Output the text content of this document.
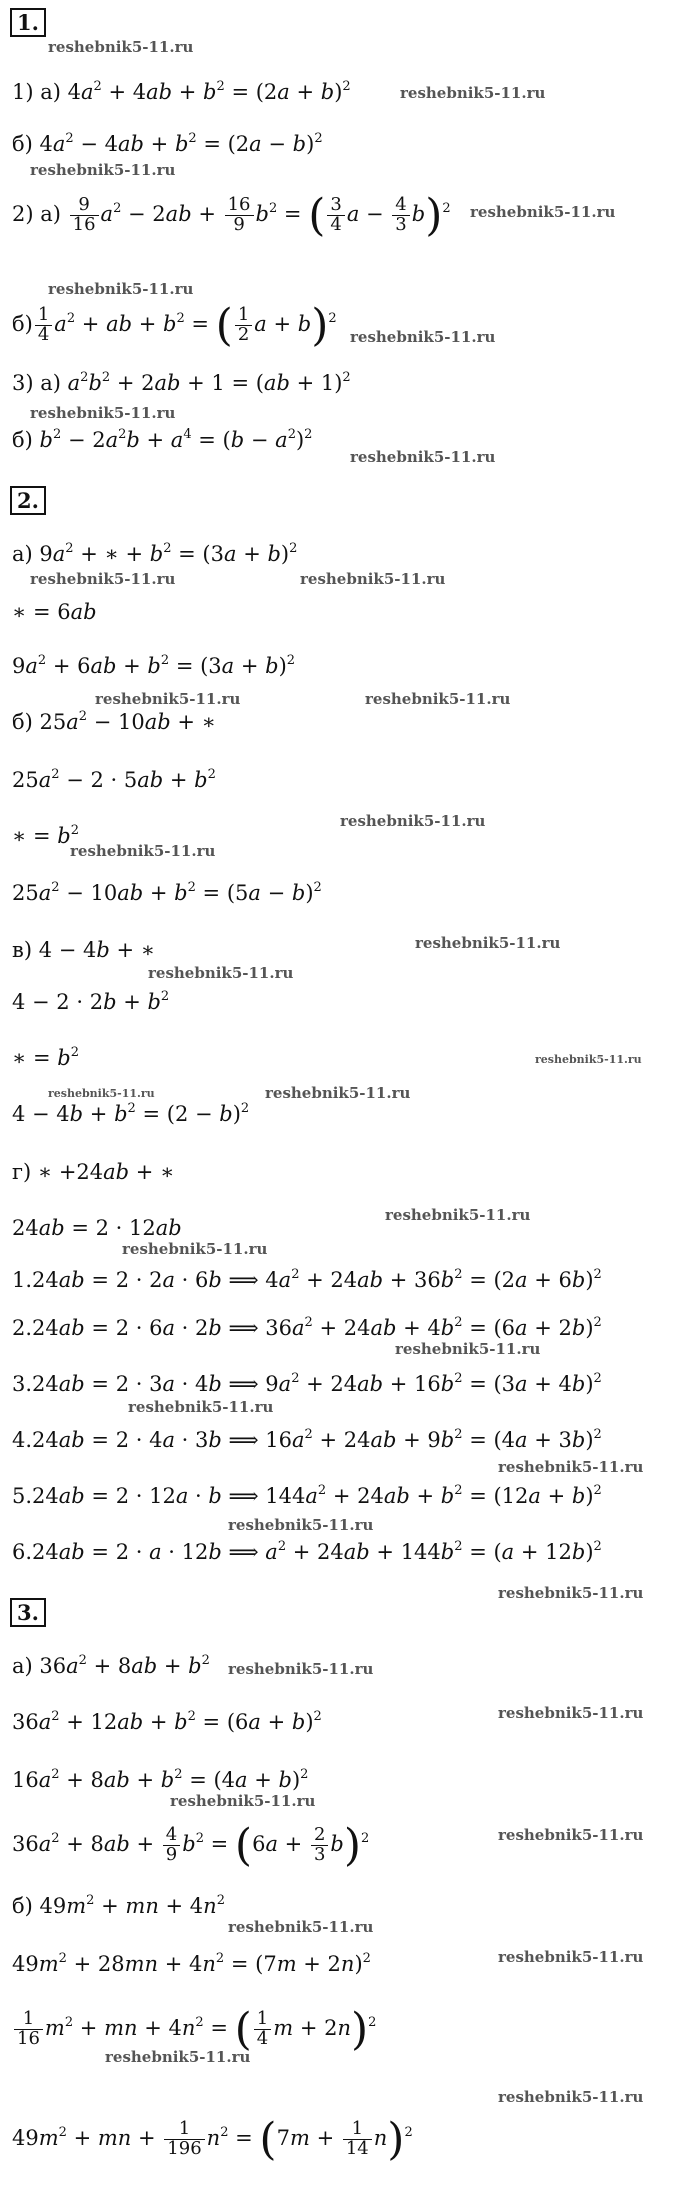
1.
reshebnik5-11.ru
1) а) $4a^2 + 4ab + b^2 = (2a + b)^2$	reshebnik5-11.ru
б) $4a^2 - 4ab + b^2 = (2a - b)^2$
reshebnik5-11.ru
2) $а) \frac{9}{16} a^2 - 2ab + \frac{16}{9} b^2$ = ( $\frac{3}{4}$ $a - \frac{4}{3} b)^2$ reshebnik5-11.ru
reshebnik5-11.ru
$б) \frac{1}{4} a^2$ + ab + $b^2$ = ( $\frac{1}{2}$ a + b)$^2$
reshebnik5-11.ru
3) а) $a^2b^2 + 2ab + 1 = (ab + 1)^2$
reshebnik5-11.ru
б) $b^2 - 2a^2b + a^4 = (b - a^2)^2$
reshebnik5-11.ru
2.
а) $9a^2$ + ∗ + $b^2 = (3a + b)^2$
reshebnik5-11.ru	reshebnik5-11.ru
∗ = 6ab
$9a^2 + 6ab + b^2 = (3a + b)^2$
reshebnik5-11.ru	reshebnik5-11.ru
б) $25a^2 - 10ab$ + ∗
$25a^2 - 2 \cdot 5ab + b^2$
reshebnik5-11.ru
∗ = $b^2$
reshebnik5-11.ru
$25a^2 - 10ab + b^2 = (5a - b)^2$
в) 4 − 4b + ∗	reshebnik5-11.ru
reshebnik5-11.ru
$4 - 2 \cdot 2b + b^2$
∗ = $b^2$	reshebnik5-11.ru
reshebnik5-11.ru	reshebnik5-11.ru
$4 - 4b + b^2 = (2 - b)^2$
г) ∗ +24ab + ∗
reshebnik5-11.ru
24ab = 2 · 12ab
reshebnik5-11.ru
1.24ab = 2 · 2a · 6b ⟹ $4a^2 + 24ab + 36b^2 = (2a + 6b)^2$
2.24ab = 2 · 6a · 2b ⟹ $36a^2 + 24ab + 4b^2 = (6a + 2b)^2$
reshebnik5-11.ru
3.24ab = 2 · 3a · 4b ⟹ $9a^2 + 24ab + 16b^2 = (3a + 4b)^2$
reshebnik5-11.ru
4.24ab = 2 · 4a · 3b ⟹ $16a^2 + 24ab + 9b^2 = (4a + 3b)^2$
reshebnik5-11.ru
5.24ab = 2 · 12a · b ⟹ $144a^2 + 24ab + b^2 = (12a + b)^2$
reshebnik5-11.ru
6.24ab = 2 · a · 12b ⟹ $a^2 + 24ab + 144b^2 = (a + 12b)^2$
reshebnik5-11.ru
3.
а) $36a^2 + 8ab + b^2$ reshebnik5-11.ru
reshebnik5-11.ru
$36a^2 + 12ab + b^2 = (6a + b)^2$
$16a^2 + 8ab + b^2 = (4a + b)^2$
reshebnik5-11.ru
$36a^2 + 8ab + \frac{4}{9} b^2 = (6a + \frac{2}{3} b)^2$	reshebnik5-11.ru
б) $49m^2$ + mn + $4n^2$
reshebnik5-11.ru
reshebnik5-11.ru
$49m^2 + 28mn + 4n^2 = (7m + 2n)^2$
$\frac{1}{16} m^2$ + mn + $4n^2$ = ( $\frac{1}{4}$ m + 2n)$^2$
reshebnik5-11.ru
reshebnik5-11.ru
$49m^2$ + mn + $\frac{1}{196} n^2 = (7m + \frac{1}{14} n)^2$
